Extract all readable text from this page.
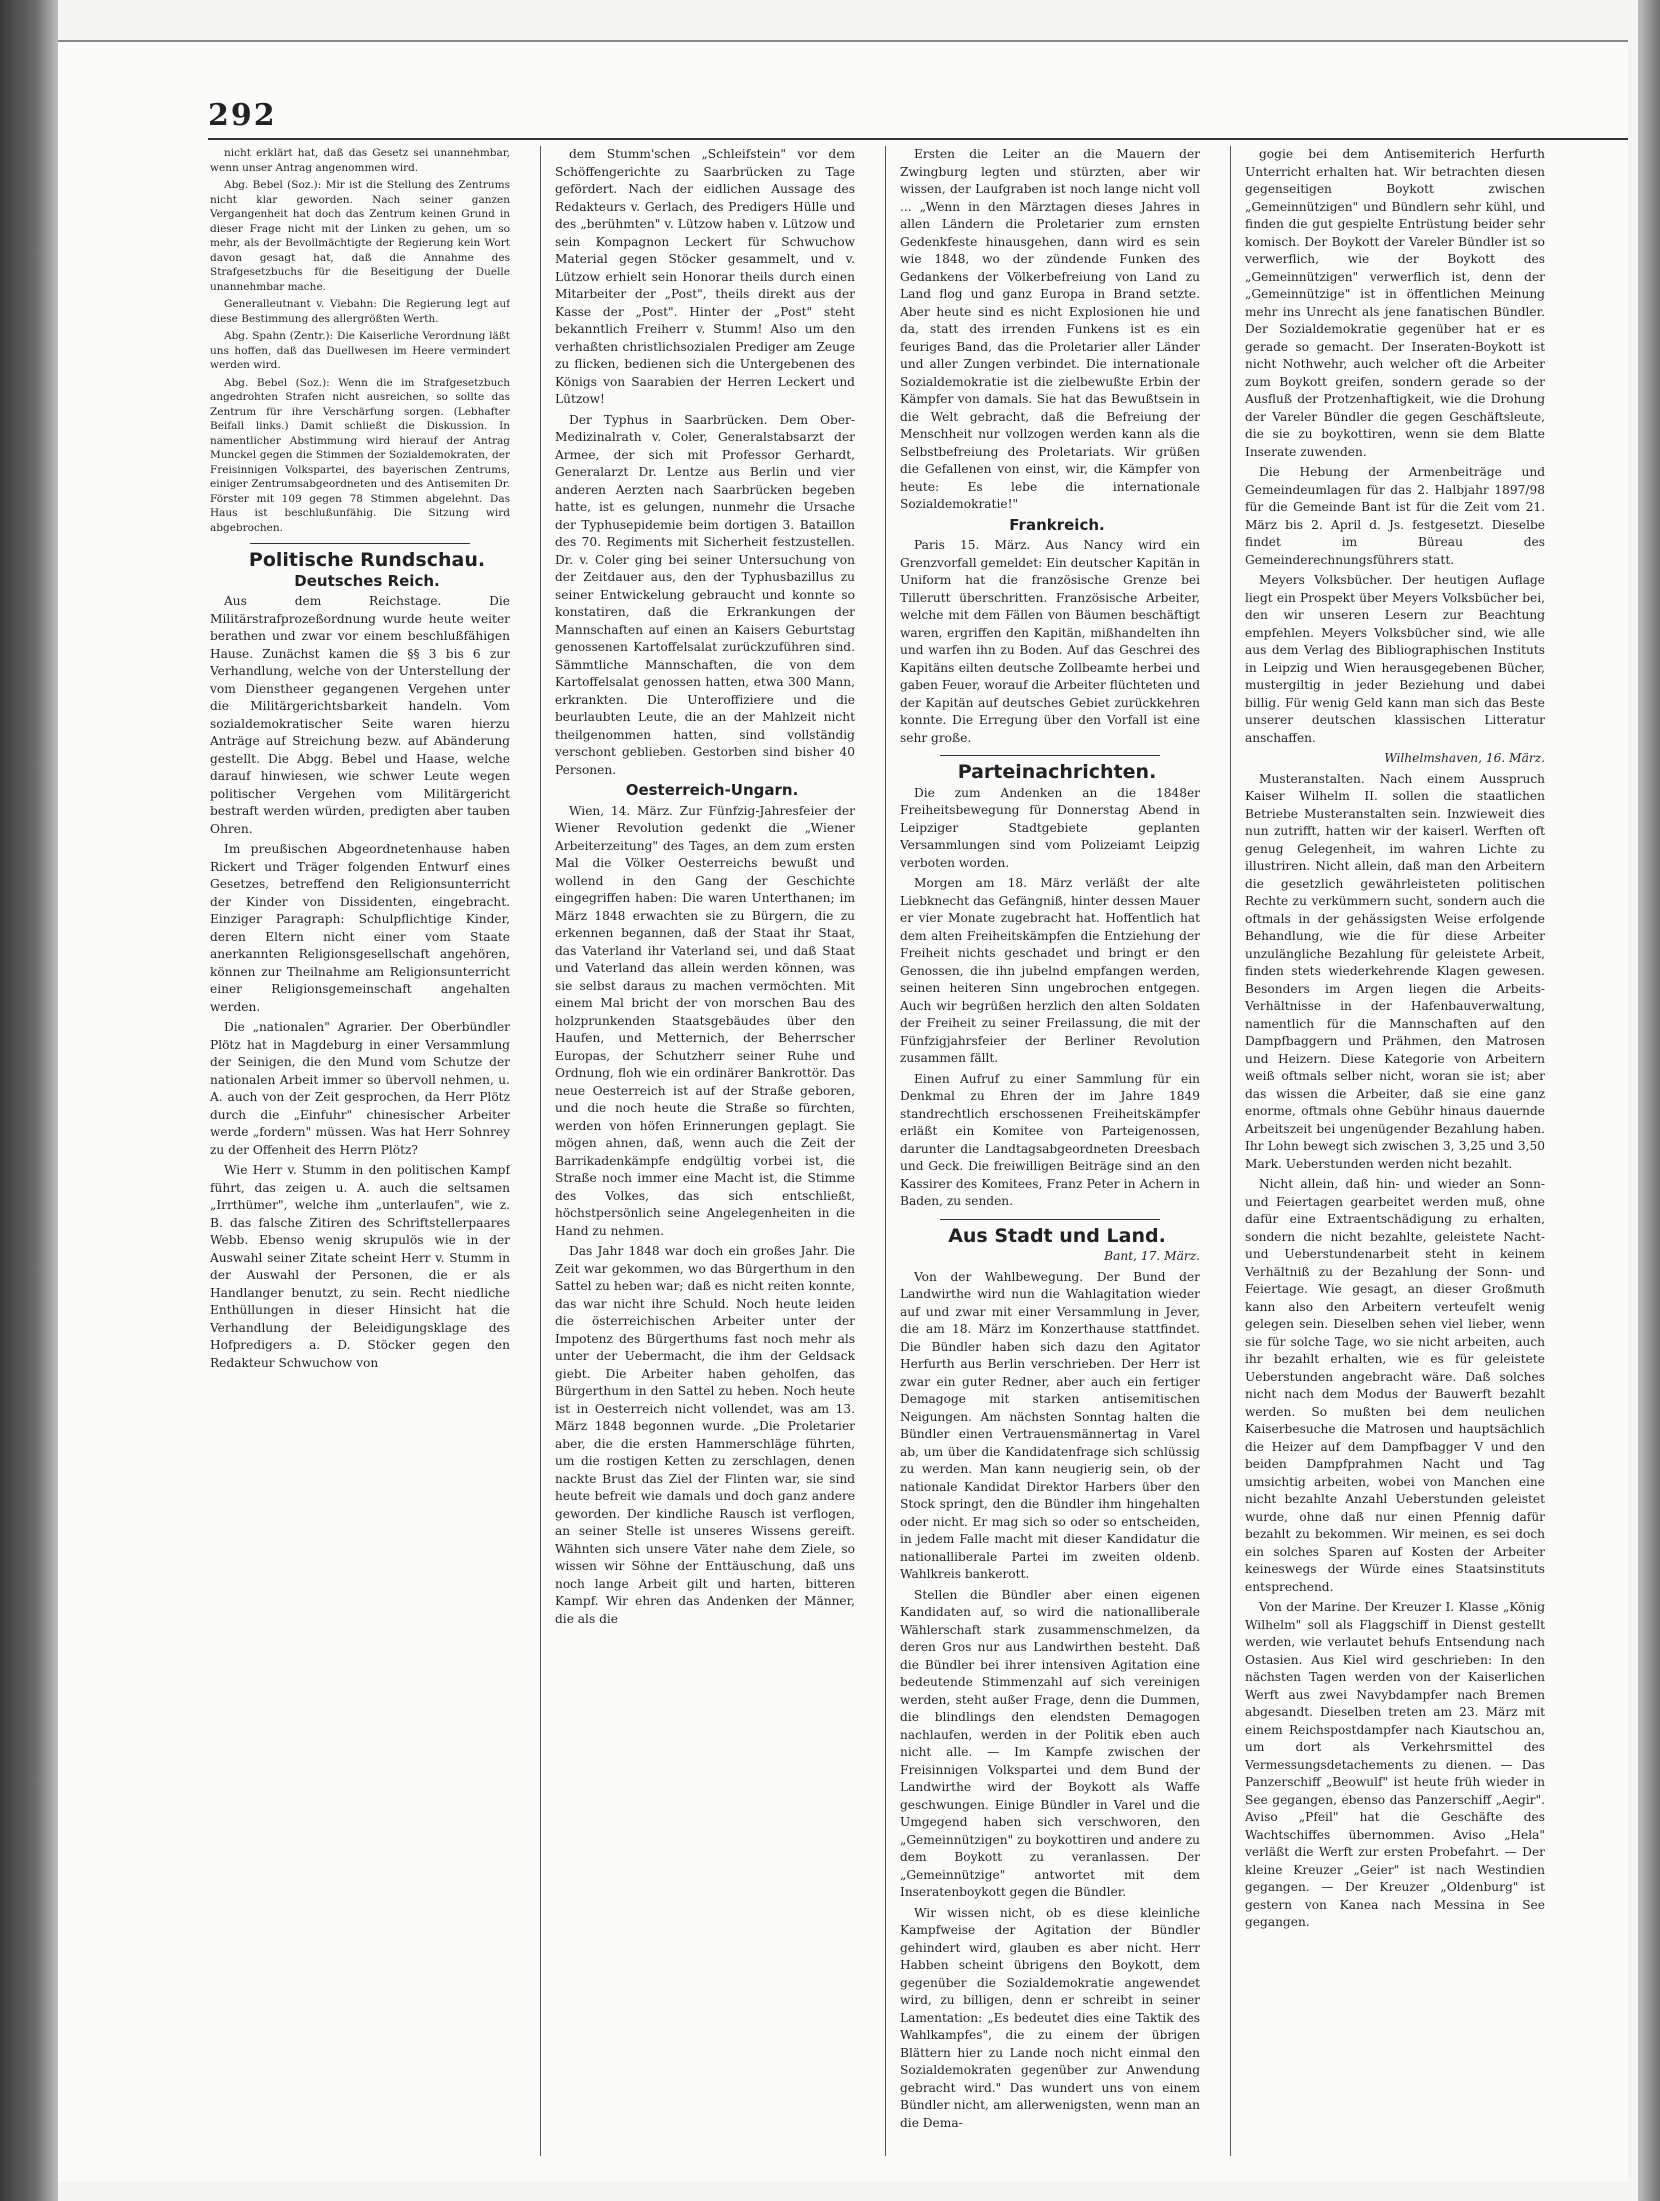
292

nicht erklärt hat, daß das Gesetz sei unannehmbar, wenn unser Antrag angenommen wird.

Abg. Bebel (Soz.): Mir ist die Stellung des Zentrums nicht klar geworden. Nach seiner ganzen Vergangenheit hat doch das Zentrum keinen Grund in dieser Frage nicht mit der Linken zu gehen, um so mehr, als der Bevollmächtigte der Regierung kein Wort davon gesagt hat, daß die Annahme des Strafgesetzbuchs für die Beseitigung der Duelle unannehmbar mache.

Generalleutnant v. Viebahn: Die Regierung legt auf diese Bestimmung des allergrößten Werth.

Abg. Spahn (Zentr.): Die Kaiserliche Verordnung läßt uns hoffen, daß das Duellwesen im Heere vermindert werden wird.

Abg. Bebel (Soz.): Wenn die im Strafgesetzbuch angedrohten Strafen nicht ausreichen, so sollte das Zentrum für ihre Verschärfung sorgen. (Lebhafter Beifall links.) Damit schließt die Diskussion. In namentlicher Abstimmung wird hierauf der Antrag Munckel gegen die Stimmen der Sozialdemokraten, der Freisinnigen Volkspartei, des bayerischen Zentrums, einiger Zentrumsabgeordneten und des Antisemiten Dr. Förster mit 109 gegen 78 Stimmen abgelehnt. Das Haus ist beschlußunfähig. Die Sitzung wird abgebrochen.

Politische Rundschau.

Deutsches Reich.

Aus dem Reichstage. Die Militärstrafprozeßordnung wurde heute weiter berathen und zwar vor einem beschlußfähigen Hause. Zunächst kamen die §§ 3 bis 6 zur Verhandlung, welche von der Unterstellung der vom Dienstheer gegangenen Vergehen unter die Militärgerichtsbarkeit handeln. Vom sozialdemokratischer Seite waren hierzu Anträge auf Streichung bezw. auf Abänderung gestellt. Die Abgg. Bebel und Haase, welche darauf hinwiesen, wie schwer Leute wegen politischer Vergehen vom Militärgericht bestraft werden würden, predigten aber tauben Ohren.

Im preußischen Abgeordnetenhause haben Rickert und Träger folgenden Entwurf eines Gesetzes, betreffend den Religionsunterricht der Kinder von Dissidenten, eingebracht. Einziger Paragraph: Schulpflichtige Kinder, deren Eltern nicht einer vom Staate anerkannten Religionsgesellschaft angehören, können zur Theilnahme am Religionsunterricht einer Religionsgemeinschaft angehalten werden.

Die „nationalen" Agrarier. Der Oberbündler Plötz hat in Magdeburg in einer Versammlung der Seinigen, die den Mund vom Schutze der nationalen Arbeit immer so übervoll nehmen, u. A. auch von der Zeit gesprochen, da Herr Plötz durch die „Einfuhr" chinesischer Arbeiter werde „fordern" müssen. Was hat Herr Sohnrey zu der Offenheit des Herrn Plötz?

Wie Herr v. Stumm in den politischen Kampf führt, das zeigen u. A. auch die seltsamen „Irrthümer", welche ihm „unterlaufen", wie z. B. das falsche Zitiren des Schriftstellerpaares Webb. Ebenso wenig skrupulös wie in der Auswahl seiner Zitate scheint Herr v. Stumm in der Auswahl der Personen, die er als Handlanger benutzt, zu sein. Recht niedliche Enthüllungen in dieser Hinsicht hat die Verhandlung der Beleidigungsklage des Hofpredigers a. D. Stöcker gegen den Redakteur Schwuchow von

dem Stumm'schen „Schleifstein" vor dem Schöffengerichte zu Saarbrücken zu Tage gefördert. Nach der eidlichen Aussage des Redakteurs v. Gerlach, des Predigers Hülle und des „berühmten" v. Lützow haben v. Lützow und sein Kompagnon Leckert für Schwuchow Material gegen Stöcker gesammelt, und v. Lützow erhielt sein Honorar theils durch einen Mitarbeiter der „Post", theils direkt aus der Kasse der „Post". Hinter der „Post" steht bekanntlich Freiherr v. Stumm! Also um den verhaßten christlichsozialen Prediger am Zeuge zu flicken, bedienen sich die Untergebenen des Königs von Saarabien der Herren Leckert und Lützow!

Der Typhus in Saarbrücken. Dem Ober-Medizinalrath v. Coler, Generalstabsarzt der Armee, der sich mit Professor Gerhardt, Generalarzt Dr. Lentze aus Berlin und vier anderen Aerzten nach Saarbrücken begeben hatte, ist es gelungen, nunmehr die Ursache der Typhusepidemie beim dortigen 3. Bataillon des 70. Regiments mit Sicherheit festzustellen. Dr. v. Coler ging bei seiner Untersuchung von der Zeitdauer aus, den der Typhusbazillus zu seiner Entwickelung gebraucht und konnte so konstatiren, daß die Erkrankungen der Mannschaften auf einen an Kaisers Geburtstag genossenen Kartoffelsalat zurückzuführen sind. Sämmtliche Mannschaften, die von dem Kartoffelsalat genossen hatten, etwa 300 Mann, erkrankten. Die Unteroffiziere und die beurlaubten Leute, die an der Mahlzeit nicht theilgenommen hatten, sind vollständig verschont geblieben. Gestorben sind bisher 40 Personen.

Oesterreich-Ungarn.

Wien, 14. März. Zur Fünfzig-Jahresfeier der Wiener Revolution gedenkt die „Wiener Arbeiterzeitung" des Tages, an dem zum ersten Mal die Völker Oesterreichs bewußt und wollend in den Gang der Geschichte eingegriffen haben: Die waren Unterthanen; im März 1848 erwachten sie zu Bürgern, die zu erkennen begannen, daß der Staat ihr Staat, das Vaterland ihr Vaterland sei, und daß Staat und Vaterland das allein werden können, was sie selbst daraus zu machen vermöchten. Mit einem Mal bricht der von morschen Bau des holzprunkenden Staatsgebäudes über den Haufen, und Metternich, der Beherrscher Europas, der Schutzherr seiner Ruhe und Ordnung, floh wie ein ordinärer Bankrottör. Das neue Oesterreich ist auf der Straße geboren, und die noch heute die Straße so fürchten, werden von höfen Erinnerungen geplagt. Sie mögen ahnen, daß, wenn auch die Zeit der Barrikadenkämpfe endgültig vorbei ist, die Straße noch immer eine Macht ist, die Stimme des Volkes, das sich entschließt, höchstpersönlich seine Angelegenheiten in die Hand zu nehmen.

Das Jahr 1848 war doch ein großes Jahr. Die Zeit war gekommen, wo das Bürgerthum in den Sattel zu heben war; daß es nicht reiten konnte, das war nicht ihre Schuld. Noch heute leiden die österreichischen Arbeiter unter der Impotenz des Bürgerthums fast noch mehr als unter der Uebermacht, die ihm der Geldsack giebt. Die Arbeiter haben geholfen, das Bürgerthum in den Sattel zu heben. Noch heute ist in Oesterreich nicht vollendet, was am 13. März 1848 begonnen wurde. „Die Proletarier aber, die die ersten Hammerschläge führten, um die rostigen Ketten zu zerschlagen, denen nackte Brust das Ziel der Flinten war, sie sind heute befreit wie damals und doch ganz andere geworden. Der kindliche Rausch ist verflogen, an seiner Stelle ist unseres Wissens gereift. Wähnten sich unsere Väter nahe dem Ziele, so wissen wir Söhne der Enttäuschung, daß uns noch lange Arbeit gilt und harten, bitteren Kampf. Wir ehren das Andenken der Männer, die als die

Ersten die Leiter an die Mauern der Zwingburg legten und stürzten, aber wir wissen, der Laufgraben ist noch lange nicht voll ... „Wenn in den Märztagen dieses Jahres in allen Ländern die Proletarier zum ernsten Gedenkfeste hinausgehen, dann wird es sein wie 1848, wo der zündende Funken des Gedankens der Völkerbefreiung von Land zu Land flog und ganz Europa in Brand setzte. Aber heute sind es nicht Explosionen hie und da, statt des irrenden Funkens ist es ein feuriges Band, das die Proletarier aller Länder und aller Zungen verbindet. Die internationale Sozialdemokratie ist die zielbewußte Erbin der Kämpfer von damals. Sie hat das Bewußtsein in die Welt gebracht, daß die Befreiung der Menschheit nur vollzogen werden kann als die Selbstbefreiung des Proletariats. Wir grüßen die Gefallenen von einst, wir, die Kämpfer von heute: Es lebe die internationale Sozialdemokratie!"

Frankreich.

Paris 15. März. Aus Nancy wird ein Grenzvorfall gemeldet: Ein deutscher Kapitän in Uniform hat die französische Grenze bei Tillerutt überschritten. Französische Arbeiter, welche mit dem Fällen von Bäumen beschäftigt waren, ergriffen den Kapitän, mißhandelten ihn und warfen ihn zu Boden. Auf das Geschrei des Kapitäns eilten deutsche Zollbeamte herbei und gaben Feuer, worauf die Arbeiter flüchteten und der Kapitän auf deutsches Gebiet zurückkehren konnte. Die Erregung über den Vorfall ist eine sehr große.

Parteinachrichten.

Die zum Andenken an die 1848er Freiheitsbewegung für Donnerstag Abend in Leipziger Stadtgebiete geplanten Versammlungen sind vom Polizeiamt Leipzig verboten worden.

Morgen am 18. März verläßt der alte Liebknecht das Gefängniß, hinter dessen Mauer er vier Monate zugebracht hat. Hoffentlich hat dem alten Freiheitskämpfen die Entziehung der Freiheit nichts geschadet und bringt er den Genossen, die ihn jubelnd empfangen werden, seinen heiteren Sinn ungebrochen entgegen. Auch wir begrüßen herzlich den alten Soldaten der Freiheit zu seiner Freilassung, die mit der Fünfzigjahrsfeier der Berliner Revolution zusammen fällt.

Einen Aufruf zu einer Sammlung für ein Denkmal zu Ehren der im Jahre 1849 standrechtlich erschossenen Freiheitskämpfer erläßt ein Komitee von Parteigenossen, darunter die Landtagsabgeordneten Dreesbach und Geck. Die freiwilligen Beiträge sind an den Kassirer des Komitees, Franz Peter in Achern in Baden, zu senden.

Aus Stadt und Land.

Bant, 17. März.

Von der Wahlbewegung. Der Bund der Landwirthe wird nun die Wahlagitation wieder auf und zwar mit einer Versammlung in Jever, die am 18. März im Konzerthause stattfindet. Die Bündler haben sich dazu den Agitator Herfurth aus Berlin verschrieben. Der Herr ist zwar ein guter Redner, aber auch ein fertiger Demagoge mit starken antisemitischen Neigungen. Am nächsten Sonntag halten die Bündler einen Vertrauensmännertag in Varel ab, um über die Kandidatenfrage sich schlüssig zu werden. Man kann neugierig sein, ob der nationale Kandidat Direktor Harbers über den Stock springt, den die Bündler ihm hingehalten oder nicht. Er mag sich so oder so entscheiden, in jedem Falle macht mit dieser Kandidatur die nationalliberale Partei im zweiten oldenb. Wahlkreis bankerott.

Stellen die Bündler aber einen eigenen Kandidaten auf, so wird die nationalliberale Wählerschaft stark zusammenschmelzen, da deren Gros nur aus Landwirthen besteht. Daß die Bündler bei ihrer intensiven Agitation eine bedeutende Stimmenzahl auf sich vereinigen werden, steht außer Frage, denn die Dummen, die blindlings den elendsten Demagogen nachlaufen, werden in der Politik eben auch nicht alle. — Im Kampfe zwischen der Freisinnigen Volkspartei und dem Bund der Landwirthe wird der Boykott als Waffe geschwungen. Einige Bündler in Varel und die Umgegend haben sich verschworen, den „Gemeinnützigen" zu boykottiren und andere zu dem Boykott zu veranlassen. Der „Gemeinnützige" antwortet mit dem Inseratenboykott gegen die Bündler.

Wir wissen nicht, ob es diese kleinliche Kampfweise der Agitation der Bündler gehindert wird, glauben es aber nicht. Herr Habben scheint übrigens den Boykott, dem gegenüber die Sozialdemokratie angewendet wird, zu billigen, denn er schreibt in seiner Lamentation: „Es bedeutet dies eine Taktik des Wahlkampfes", die zu einem der übrigen Blättern hier zu Lande noch nicht einmal den Sozialdemokraten gegenüber zur Anwendung gebracht wird." Das wundert uns von einem Bündler nicht, am allerwenigsten, wenn man an die Dema-

gogie bei dem Antisemiterich Herfurth Unterricht erhalten hat. Wir betrachten diesen gegenseitigen Boykott zwischen „Gemeinnützigen" und Bündlern sehr kühl, und finden die gut gespielte Entrüstung beider sehr komisch. Der Boykott der Vareler Bündler ist so verwerflich, wie der Boykott des „Gemeinnützigen" verwerflich ist, denn der „Gemeinnützige" ist in öffentlichen Meinung mehr ins Unrecht als jene fanatischen Bündler. Der Sozialdemokratie gegenüber hat er es gerade so gemacht. Der Inseraten-Boykott ist nicht Nothwehr, auch welcher oft die Arbeiter zum Boykott greifen, sondern gerade so der Ausfluß der Protzenhaftigkeit, wie die Drohung der Vareler Bündler die gegen Geschäftsleute, die sie zu boykottiren, wenn sie dem Blatte Inserate zuwenden.

Die Hebung der Armenbeiträge und Gemeindeumlagen für das 2. Halbjahr 1897/98 für die Gemeinde Bant ist für die Zeit vom 21. März bis 2. April d. Js. festgesetzt. Dieselbe findet im Büreau des Gemeinderechnungsführers statt.

Meyers Volksbücher. Der heutigen Auflage liegt ein Prospekt über Meyers Volksbücher bei, den wir unseren Lesern zur Beachtung empfehlen. Meyers Volksbücher sind, wie alle aus dem Verlag des Bibliographischen Instituts in Leipzig und Wien herausgegebenen Bücher, mustergiltig in jeder Beziehung und dabei billig. Für wenig Geld kann man sich das Beste unserer deutschen klassischen Litteratur anschaffen.

Wilhelmshaven, 16. März.

Musteranstalten. Nach einem Ausspruch Kaiser Wilhelm II. sollen die staatlichen Betriebe Musteranstalten sein. Inzwieweit dies nun zutrifft, hatten wir der kaiserl. Werften oft genug Gelegenheit, im wahren Lichte zu illustriren. Nicht allein, daß man den Arbeitern die gesetzlich gewährleisteten politischen Rechte zu verkümmern sucht, sondern auch die oftmals in der gehässigsten Weise erfolgende Behandlung, wie die für diese Arbeiter unzulängliche Bezahlung für geleistete Arbeit, finden stets wiederkehrende Klagen gewesen. Besonders im Argen liegen die Arbeits-Verhältnisse in der Hafenbauverwaltung, namentlich für die Mannschaften auf den Dampfbaggern und Prähmen, den Matrosen und Heizern. Diese Kategorie von Arbeitern weiß oftmals selber nicht, woran sie ist; aber das wissen die Arbeiter, daß sie eine ganz enorme, oftmals ohne Gebühr hinaus dauernde Arbeitszeit bei ungenügender Bezahlung haben. Ihr Lohn bewegt sich zwischen 3, 3,25 und 3,50 Mark. Ueberstunden werden nicht bezahlt.

Nicht allein, daß hin- und wieder an Sonn- und Feiertagen gearbeitet werden muß, ohne dafür eine Extraentschädigung zu erhalten, sondern die nicht bezahlte, geleistete Nacht- und Ueberstundenarbeit steht in keinem Verhältniß zu der Bezahlung der Sonn- und Feiertage. Wie gesagt, an dieser Großmuth kann also den Arbeitern verteufelt wenig gelegen sein. Dieselben sehen viel lieber, wenn sie für solche Tage, wo sie nicht arbeiten, auch ihr bezahlt erhalten, wie es für geleistete Ueberstunden angebracht wäre. Daß solches nicht nach dem Modus der Bauwerft bezahlt werden. So mußten bei dem neulichen Kaiserbesuche die Matrosen und hauptsächlich die Heizer auf dem Dampfbagger V und den beiden Dampfprahmen Nacht und Tag umsichtig arbeiten, wobei von Manchen eine nicht bezahlte Anzahl Ueberstunden geleistet wurde, ohne daß nur einen Pfennig dafür bezahlt zu bekommen. Wir meinen, es sei doch ein solches Sparen auf Kosten der Arbeiter keineswegs der Würde eines Staatsinstituts entsprechend.

Von der Marine. Der Kreuzer I. Klasse „König Wilhelm" soll als Flaggschiff in Dienst gestellt werden, wie verlautet behufs Entsendung nach Ostasien. Aus Kiel wird geschrieben: In den nächsten Tagen werden von der Kaiserlichen Werft aus zwei Navybdampfer nach Bremen abgesandt. Dieselben treten am 23. März mit einem Reichspostdampfer nach Kiautschou an, um dort als Verkehrsmittel des Vermessungsdetachements zu dienen. — Das Panzerschiff „Beowulf" ist heute früh wieder in See gegangen, ebenso das Panzerschiff „Aegir". Aviso „Pfeil" hat die Geschäfte des Wachtschiffes übernommen. Aviso „Hela" verläßt die Werft zur ersten Probefahrt. — Der kleine Kreuzer „Geier" ist nach Westindien gegangen. — Der Kreuzer „Oldenburg" ist gestern von Kanea nach Messina in See gegangen.
